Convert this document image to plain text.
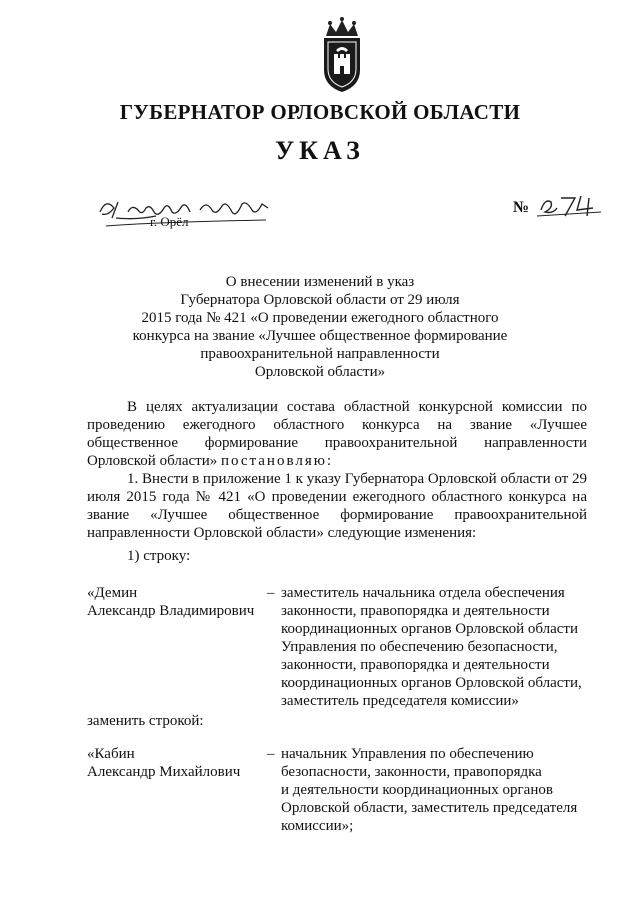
ГУБЕРНАТОР ОРЛОВСКОЙ ОБЛАСТИ
УКАЗ
21 декабря 2015г.
г. Орёл
№
О внесении изменений в указ
Губернатора Орловской области от 29 июля
2015 года № 421 «О проведении ежегодного областного
конкурса на звание «Лучшее общественное формирование
правоохранительной направленности
Орловской области»
В целях актуализации состава областной конкурсной комиссии по проведению ежегодного областного конкурса на звание «Лучшее общественное формирование правоохранительной направленности Орловской области» постановляю:
1. Внести в приложение 1 к указу Губернатора Орловской области от 29 июля 2015 года № 421 «О проведении ежегодного областного конкурса на звание «Лучшее общественное формирование правоохранительной направленности Орловской области» следующие изменения:
1) строку:
«Демин
Александр Владимирович
– заместитель начальника отдела обеспечения
законности, правопорядка и деятельности
координационных органов Орловской области
Управления по обеспечению безопасности,
законности, правопорядка и деятельности
координационных органов Орловской области,
заместитель председателя комиссии»
заменить строкой:
«Кабин
Александр Михайлович
– начальник Управления по обеспечению
безопасности, законности, правопорядка
и деятельности координационных органов
Орловской области, заместитель председателя
комиссии»;
